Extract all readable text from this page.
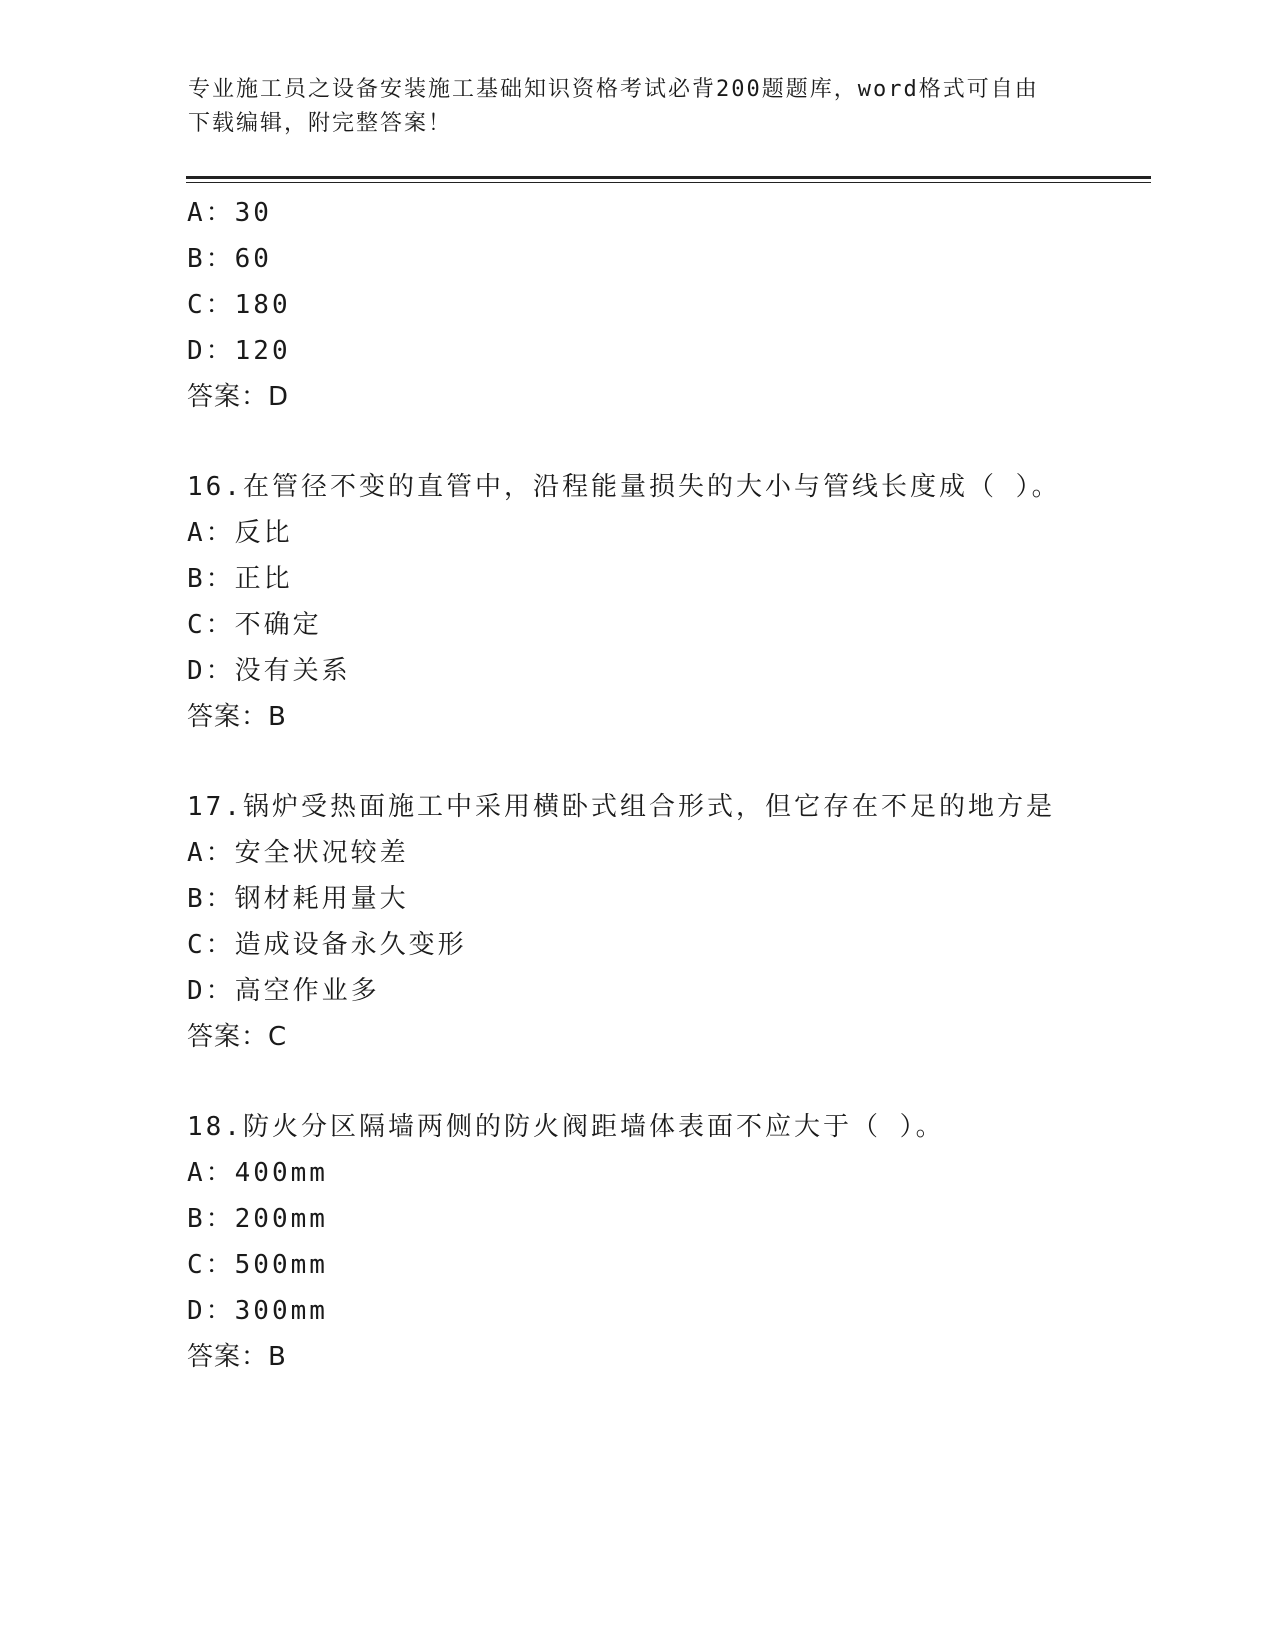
专业施工员之设备安装施工基础知识资格考试必背200题题库，word格式可自由
下载编辑，附完整答案！
A：30
B：60
C：180
D：120
答案：D
16.在管径不变的直管中，沿程能量损失的大小与管线长度成（ ）。
A：反比
B：正比
C：不确定
D：没有关系
答案：B
17.锅炉受热面施工中采用横卧式组合形式，但它存在不足的地方是
A：安全状况较差
B：钢材耗用量大
C：造成设备永久变形
D：高空作业多
答案：C
18.防火分区隔墙两侧的防火阀距墙体表面不应大于（ ）。
A：400mm
B：200mm
C：500mm
D：300mm
答案：B
